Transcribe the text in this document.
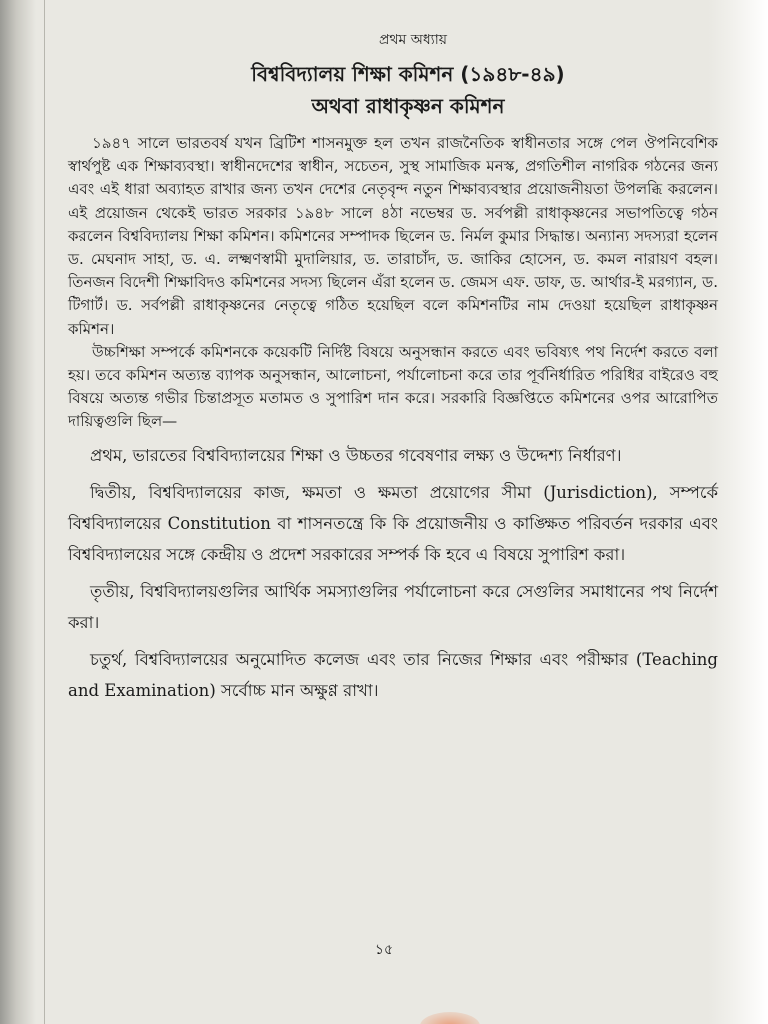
প্রথম অধ্যায়
বিশ্ববিদ্যালয় শিক্ষা কমিশন (১৯৪৮-৪৯)
অথবা রাধাকৃষ্ণন কমিশন

১৯৪৭ সালে ভারতবর্ষ যখন ব্রিটিশ শাসনমুক্ত হল তখন রাজনৈতিক স্বাধীনতার সঙ্গে পেল ঔপনিবেশিক স্বার্থপুষ্ট এক শিক্ষাব্যবস্থা। স্বাধীনদেশের স্বাধীন, সচেতন, সুস্থ সামাজিক মনস্ক, প্রগতিশীল নাগরিক গঠনের জন্য এবং এই ধারা অব্যাহত রাখার জন্য তখন দেশের নেতৃবৃন্দ নতুন শিক্ষাব্যবস্থার প্রয়োজনীয়তা উপলব্ধি করলেন। এই প্রয়োজন থেকেই ভারত সরকার ১৯৪৮ সালে ৪ঠা নভেম্বর ড. সর্বপল্লী রাধাকৃষ্ণনের সভাপতিত্বে গঠন করলেন বিশ্ববিদ্যালয় শিক্ষা কমিশন। কমিশনের সম্পাদক ছিলেন ড. নির্মল কুমার সিদ্ধান্ত। অন্যান্য সদস্যরা হলেন ড. মেঘনাদ সাহা, ড. এ. লক্ষ্মণস্বামী মুদালিয়ার, ড. তারাচাঁদ, ড. জাকির হোসেন, ড. কমল নারায়ণ বহল। তিনজন বিদেশী শিক্ষাবিদও কমিশনের সদস্য ছিলেন এঁরা হলেন ড. জেমস এফ. ডাফ, ড. আর্থার-ই মরগ্যান, ড. টিগার্ট। ড. সর্বপল্লী রাধাকৃষ্ণনের নেতৃত্বে গঠিত হয়েছিল বলে কমিশনটির নাম দেওয়া হয়েছিল রাধাকৃষ্ণন কমিশন।

উচ্চশিক্ষা সম্পর্কে কমিশনকে কয়েকটি নির্দিষ্ট বিষয়ে অনুসন্ধান করতে এবং ভবিষ্যৎ পথ নির্দেশ করতে বলা হয়। তবে কমিশন অত্যন্ত ব্যাপক অনুসন্ধান, আলোচনা, পর্যালোচনা করে তার পূর্বনির্ধারিত পরিধির বাইরেও বহু বিষয়ে অত্যন্ত গভীর চিন্তাপ্রসূত মতামত ও সুপারিশ দান করে। সরকারি বিজ্ঞপ্তিতে কমিশনের ওপর আরোপিত দায়িত্বগুলি ছিল—

প্রথম, ভারতের বিশ্ববিদ্যালয়ের শিক্ষা ও উচ্চতর গবেষণার লক্ষ্য ও উদ্দেশ্য নির্ধারণ।

দ্বিতীয়, বিশ্ববিদ্যালয়ের কাজ, ক্ষমতা ও ক্ষমতা প্রয়োগের সীমা (Jurisdiction), সম্পর্কে বিশ্ববিদ্যালয়ের Constitution বা শাসনতন্ত্রে কি কি প্রয়োজনীয় ও কাঙ্ক্ষিত পরিবর্তন দরকার এবং বিশ্ববিদ্যালয়ের সঙ্গে কেন্দ্রীয় ও প্রদেশ সরকারের সম্পর্ক কি হবে এ বিষয়ে সুপারিশ করা।

তৃতীয়, বিশ্ববিদ্যালয়গুলির আর্থিক সমস্যাগুলির পর্যালোচনা করে সেগুলির সমাধানের পথ নির্দেশ করা।

চতুর্থ, বিশ্ববিদ্যালয়ের অনুমোদিত কলেজ এবং তার নিজের শিক্ষার এবং পরীক্ষার (Teaching and Examination) সর্বোচ্চ মান অক্ষুণ্ণ রাখা।

১৫
